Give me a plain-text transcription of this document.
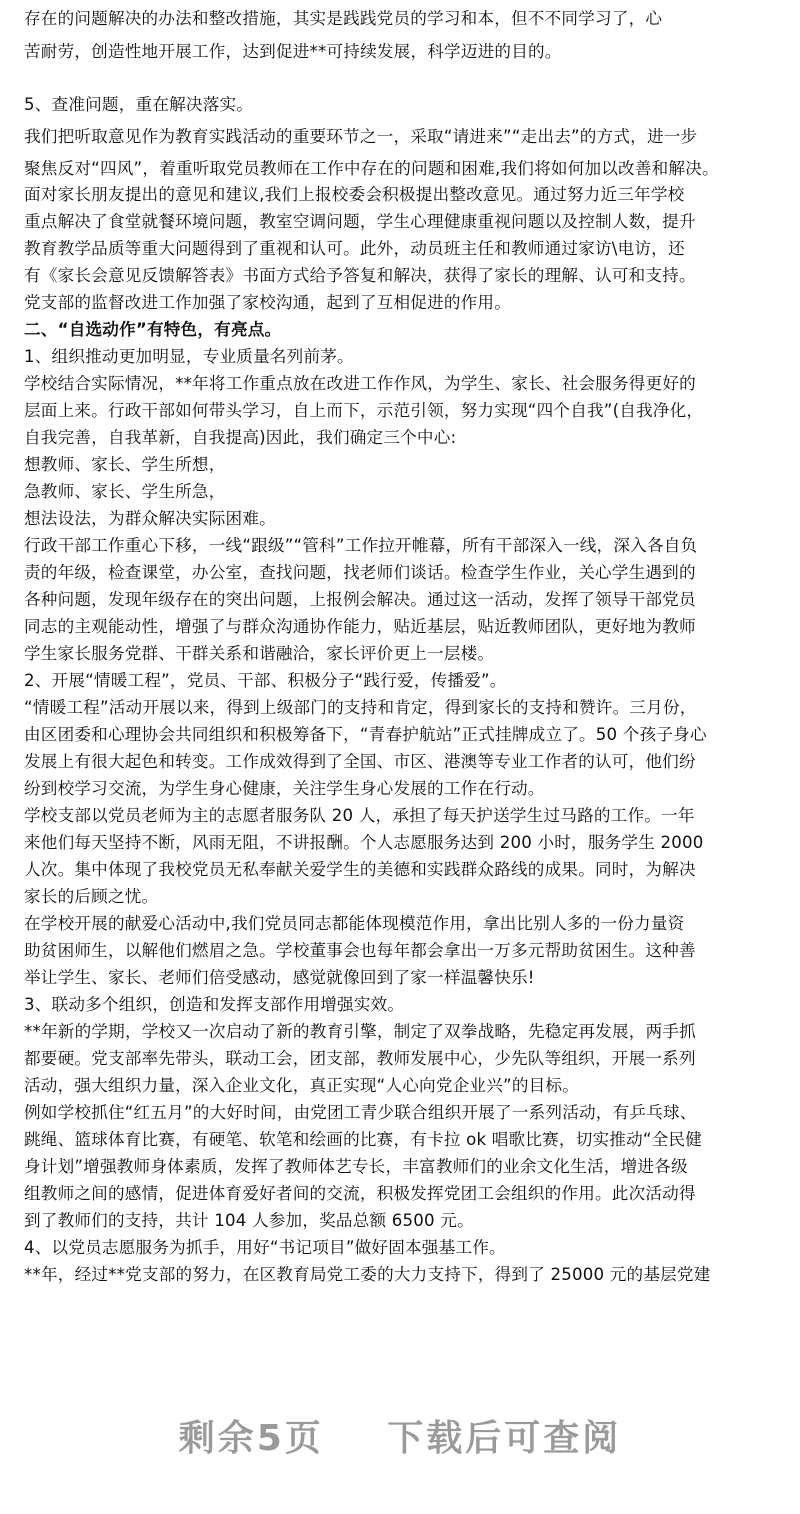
存在的问题解决的办法和整改措施，其实是践践党员的学习和本，但不不同学习了，心
苦耐劳，创造性地开展工作，达到促进**可持续发展，科学迈进的目的。
5、查准问题，重在解决落实。
我们把听取意见作为教育实践活动的重要环节之一，采取“请进来”“走出去”的方式，进一步
聚焦反对“四风”，着重听取党员教师在工作中存在的问题和困难,我们将如何加以改善和解决。
面对家长朋友提出的意见和建议,我们上报校委会积极提出整改意见。通过努力近三年学校
重点解决了食堂就餐环境问题，教室空调问题，学生心理健康重视问题以及控制人数，提升
教育教学品质等重大问题得到了重视和认可。此外，动员班主任和教师通过家访\电访，还
有《家长会意见反馈解答表》书面方式给予答复和解决，获得了家长的理解、认可和支持。
党支部的监督改进工作加强了家校沟通，起到了互相促进的作用。
二、“自选动作”有特色，有亮点。
1、组织推动更加明显，专业质量名列前茅。
学校结合实际情况，**年将工作重点放在改进工作作风，为学生、家长、社会服务得更好的
层面上来。行政干部如何带头学习，自上而下，示范引领，努力实现“四个自我”(自我净化，
自我完善，自我革新，自我提高)因此，我们确定三个中心:
想教师、家长、学生所想，
急教师、家长、学生所急，
想法设法，为群众解决实际困难。
行政干部工作重心下移，一线“跟级”“管科”工作拉开帷幕，所有干部深入一线，深入各自负
责的年级，检查课堂，办公室，查找问题，找老师们谈话。检查学生作业，关心学生遇到的
各种问题，发现年级存在的突出问题，上报例会解决。通过这一活动，发挥了领导干部党员
同志的主观能动性，增强了与群众沟通协作能力，贴近基层，贴近教师团队，更好地为教师
学生家长服务党群、干群关系和谐融洽，家长评价更上一层楼。
2、开展“情暖工程”，党员、干部、积极分子“践行爱，传播爱”。
“情暖工程”活动开展以来，得到上级部门的支持和肯定，得到家长的支持和赞许。三月份，
由区团委和心理协会共同组织和积极筹备下，“青春护航站”正式挂牌成立了。50 个孩子身心
发展上有很大起色和转变。工作成效得到了全国、市区、港澳等专业工作者的认可，他们纷
纷到校学习交流，为学生身心健康，关注学生身心发展的工作在行动。
学校支部以党员老师为主的志愿者服务队 20 人，承担了每天护送学生过马路的工作。一年
来他们每天坚持不断，风雨无阻，不讲报酬。个人志愿服务达到 200 小时，服务学生 2000
人次。集中体现了我校党员无私奉献关爱学生的美德和实践群众路线的成果。同时，为解决
家长的后顾之忧。
在学校开展的献爱心活动中,我们党员同志都能体现模范作用，拿出比别人多的一份力量资
助贫困师生，以解他们燃眉之急。学校董事会也每年都会拿出一万多元帮助贫困生。这种善
举让学生、家长、老师们倍受感动，感觉就像回到了家一样温馨快乐!
3、联动多个组织，创造和发挥支部作用增强实效。
**年新的学期，学校又一次启动了新的教育引擎，制定了双拳战略，先稳定再发展，两手抓
都要硬。党支部率先带头，联动工会，团支部，教师发展中心，少先队等组织，开展一系列
活动，强大组织力量，深入企业文化，真正实现“人心向党企业兴”的目标。
例如学校抓住“红五月”的大好时间，由党团工青少联合组织开展了一系列活动，有乒乓球、
跳绳、篮球体育比赛，有硬笔、软笔和绘画的比赛，有卡拉 ok 唱歌比赛，切实推动“全民健
身计划”增强教师身体素质，发挥了教师体艺专长，丰富教师们的业余文化生活，增进各级
组教师之间的感情，促进体育爱好者间的交流，积极发挥党团工会组织的作用。此次活动得
到了教师们的支持，共计 104 人参加，奖品总额 6500 元。
4、以党员志愿服务为抓手，用好“书记项目”做好固本强基工作。
**年，经过**党支部的努力，在区教育局党工委的大力支持下，得到了 25000 元的基层党建
剩余5页 下载后可查阅
